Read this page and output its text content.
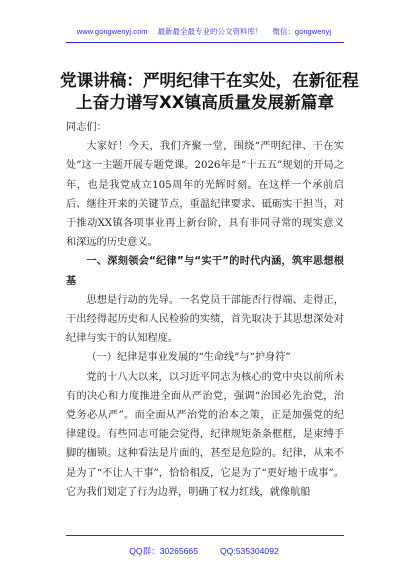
www.gongwenyj.com 最新最全最专业的公文资料库！ 微信：gongwenyj
党课讲稿：严明纪律干在实处，在新征程
上奋力谱写XX镇高质量发展新篇章

同志们：

大家好！今天，我们齐聚一堂，围绕“严明纪律、干在实处”这一主题开展专题党课。2026年是“十五五”规划的开局之年，也是我党成立105周年的光辉时刻。在这样一个承前启后、继往开来的关键节点，重温纪律要求、砥砺实干担当，对于推动XX镇各项事业再上新台阶，具有非同寻常的现实意义和深远的历史意义。

一、深刻领会“纪律”与“实干”的时代内涵，筑牢思想根基

思想是行动的先导。一名党员干部能否行得端、走得正，干出经得起历史和人民检验的实绩，首先取决于其思想深处对纪律与实干的认知程度。

（一）纪律是事业发展的“生命线”与“护身符”

党的十八大以来，以习近平同志为核心的党中央以前所未有的决心和力度推进全面从严治党，强调“治国必先治党，治党务必从严”。而全面从严治党的治本之策，正是加强党的纪律建设。有些同志可能会觉得，纪律规矩条条框框，是束缚手脚的枷锁。这种看法是片面的，甚至是危险的。纪律，从来不是为了“不让人干事”，恰恰相反，它是为了“更好地干成事”。它为我们划定了行为边界，明确了权力红线，就像航船

QQ群：30265665	QQ:535304092
